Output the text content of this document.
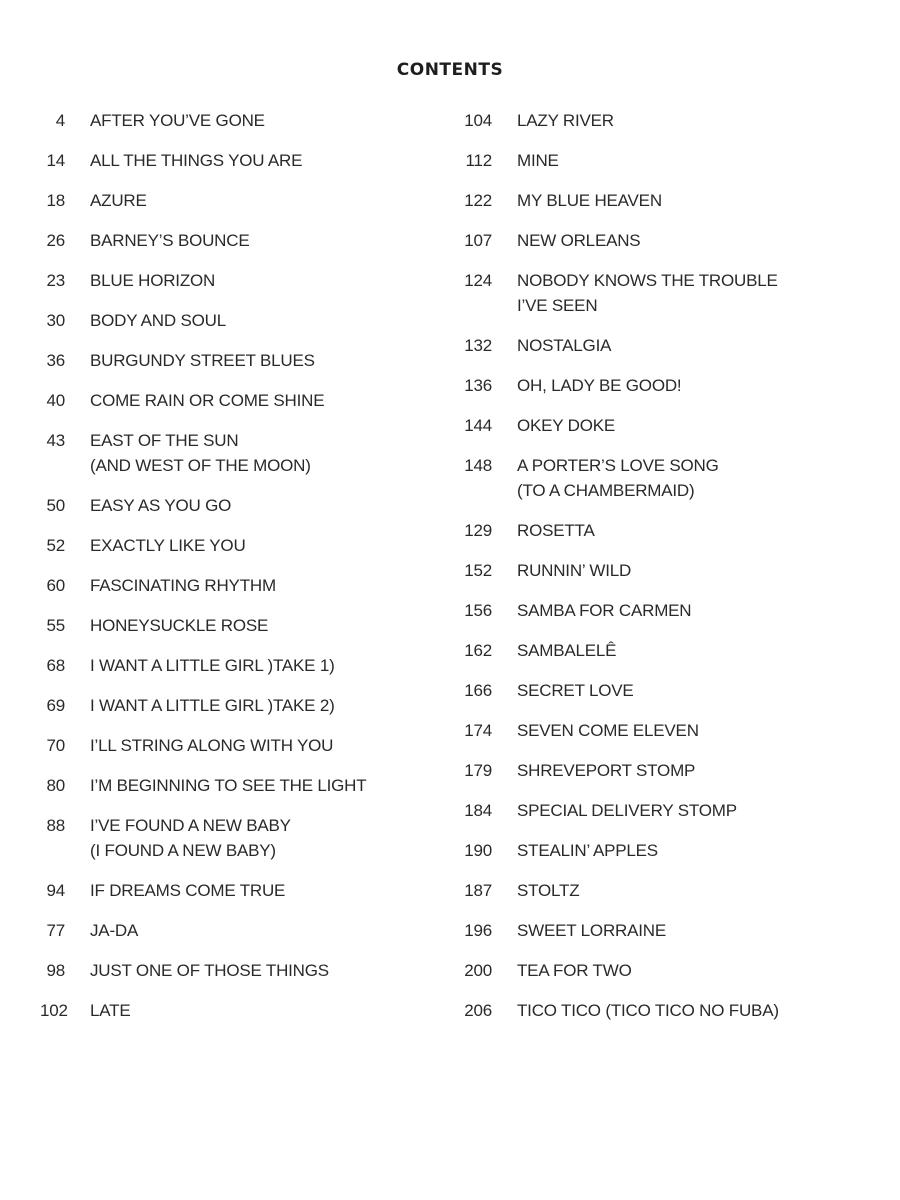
CONTENTS
4	AFTER YOU’VE GONE
14	ALL THE THINGS YOU ARE
18	AZURE
26	BARNEY’S BOUNCE
23	BLUE HORIZON
30	BODY AND SOUL
36	BURGUNDY STREET BLUES
40	COME RAIN OR COME SHINE
43	EAST OF THE SUN
(AND WEST OF THE MOON)
50	EASY AS YOU GO
52	EXACTLY LIKE YOU
60	FASCINATING RHYTHM
55	HONEYSUCKLE ROSE
68	I WANT A LITTLE GIRL )TAKE 1)
69	I WANT A LITTLE GIRL )TAKE 2)
70	I’LL STRING ALONG WITH YOU
80	I’M BEGINNING TO SEE THE LIGHT
88	I’VE FOUND A NEW BABY
(I FOUND A NEW BABY)
94	IF DREAMS COME TRUE
77	JA-DA
98	JUST ONE OF THOSE THINGS
102	LATE
104	LAZY RIVER
112	MINE
122	MY BLUE HEAVEN
107	NEW ORLEANS
124	NOBODY KNOWS THE TROUBLE
I’VE SEEN
132	NOSTALGIA
136	OH, LADY BE GOOD!
144	OKEY DOKE
148	A PORTER’S LOVE SONG
(TO A CHAMBERMAID)
129	ROSETTA
152	RUNNIN’ WILD
156	SAMBA FOR CARMEN
162	SAMBALELÊ
166	SECRET LOVE
174	SEVEN COME ELEVEN
179	SHREVEPORT STOMP
184	SPECIAL DELIVERY STOMP
190	STEALIN’ APPLES
187	STOLTZ
196	SWEET LORRAINE
200	TEA FOR TWO
206	TICO TICO (TICO TICO NO FUBA)
